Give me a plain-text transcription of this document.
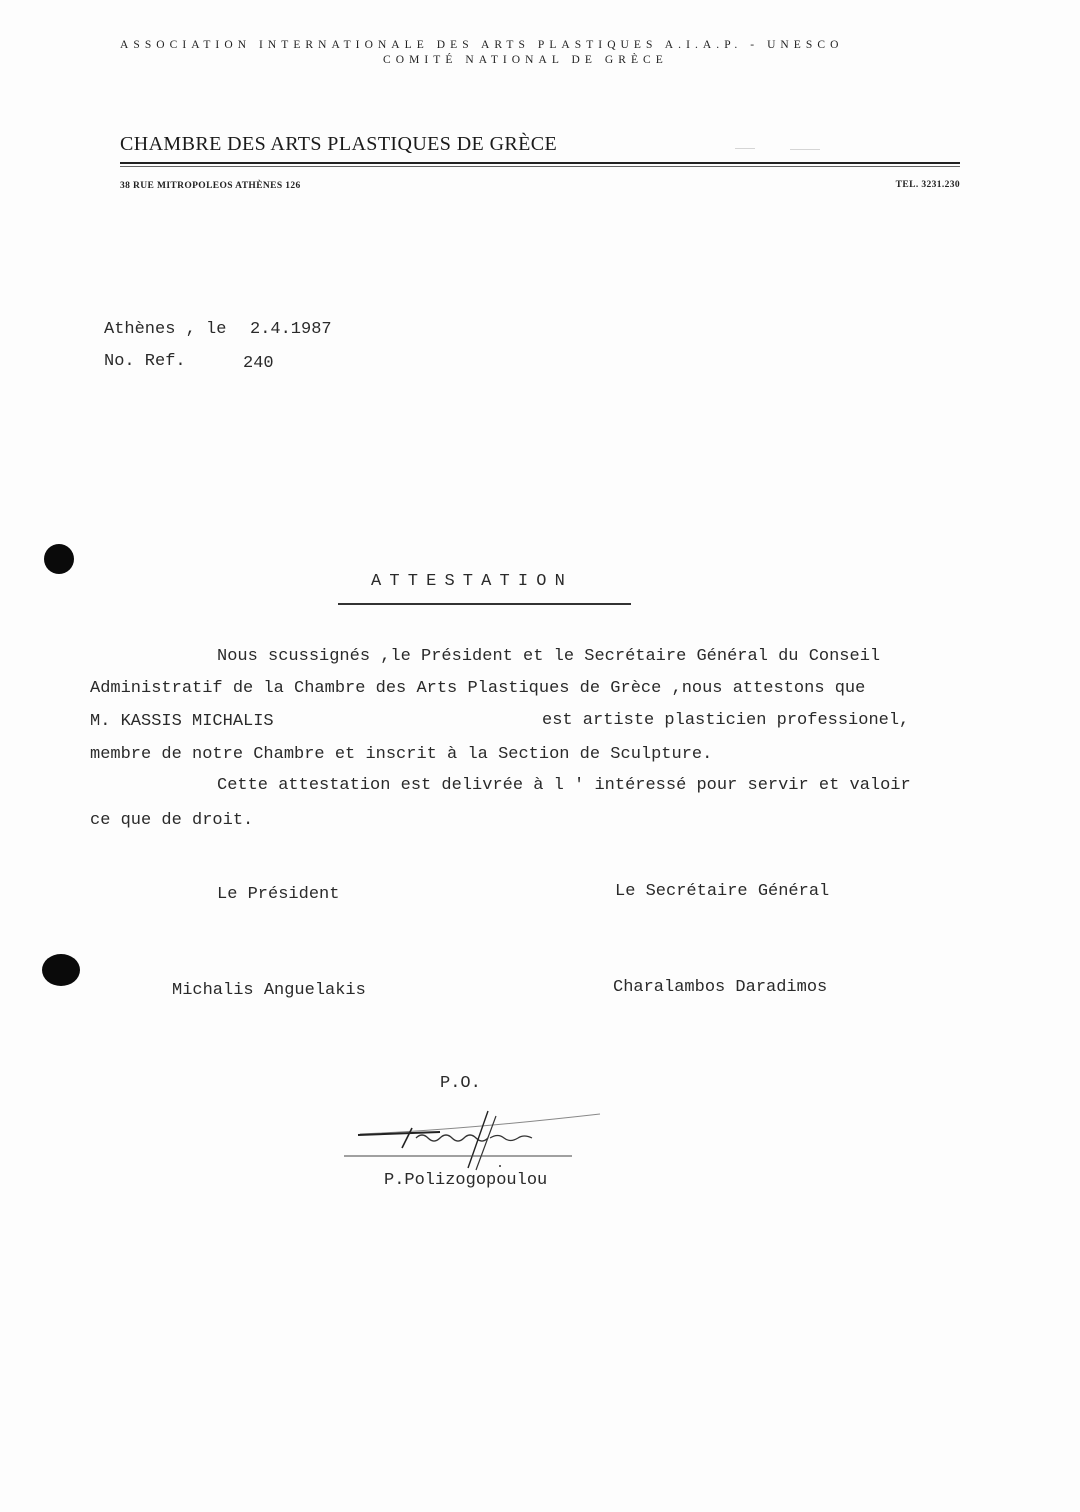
ASSOCIATION INTERNATIONALE DES ARTS PLASTIQUES A.I.A.P. - UNESCO
COMITÉ NATIONAL DE GRÈCE
CHAMBRE DES ARTS PLASTIQUES DE GRÈCE
38 RUE MITROPOLEOS ATHÈNES 126	TEL. 3231.230
Athènes , le 2.4.1987
No. Ref.	240
ATTESTATION
Nous scussignés ,le Président et le Secrétaire Général du Conseil
Administratif de la Chambre des Arts Plastiques de Grèce ,nous attestons que
M. KASSIS MICHALIS	est artiste plasticien professionel,
membre de notre Chambre et inscrit à la Section de Sculpture.
Cette attestation est delivrée à l ' intéressé pour servir et valoir
ce que de droit.
Le Président	Le Secrétaire Général
Michalis Anguelakis	Charalambos Daradimos
P.O.
P.Polizogopoulou
